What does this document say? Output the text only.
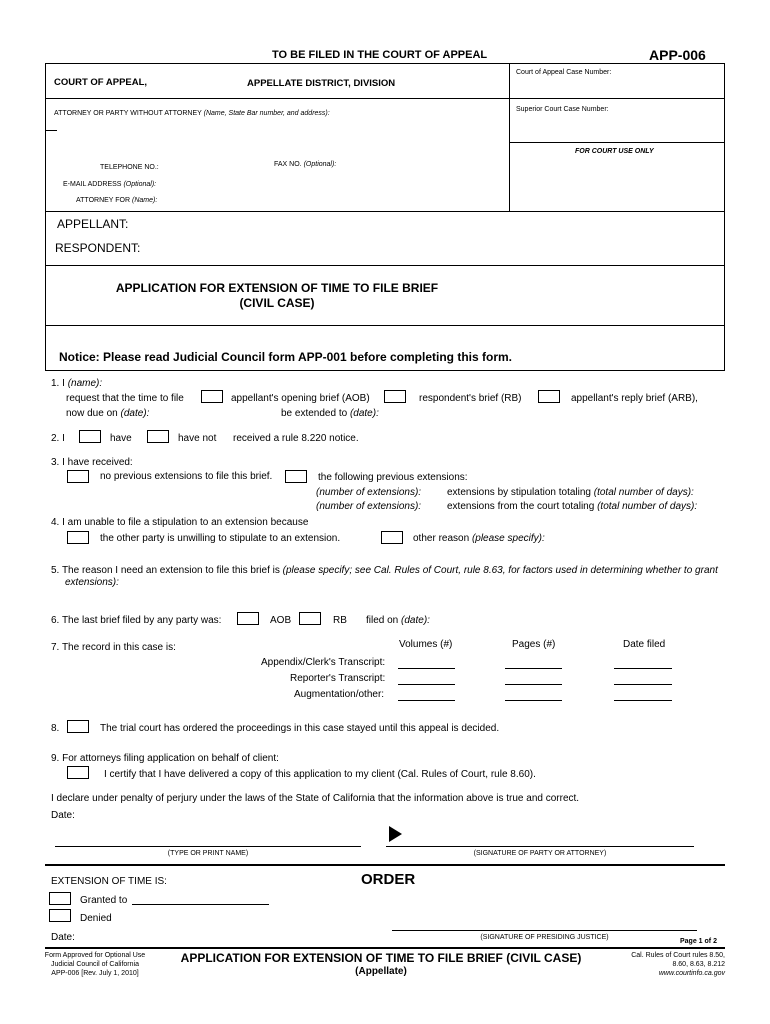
TO BE FILED IN THE COURT OF APPEAL	APP-006
COURT OF APPEAL,	APPELLATE DISTRICT, DIVISION
Court of Appeal Case Number:
Superior Court Case Number:
ATTORNEY OR PARTY WITHOUT ATTORNEY (Name, State Bar number, and address):
TELEPHONE NO.:	FAX NO. (Optional):
E-MAIL ADDRESS (Optional):
ATTORNEY FOR (Name):
FOR COURT USE ONLY
APPELLANT:
RESPONDENT:
APPLICATION FOR EXTENSION OF TIME TO FILE BRIEF
(CIVIL CASE)
Notice: Please read Judicial Council form APP-001 before completing this form.
1. I (name):
request that the time to file	appellant's opening brief (AOB)	respondent's brief (RB)	appellant's reply brief (ARB),
now due on (date):	be extended to (date):
2. I	have	have not received a rule 8.220 notice.
3. I have received:
no previous extensions to file this brief.	the following previous extensions:
(number of extensions):	extensions by stipulation totaling (total number of days):
(number of extensions):	extensions from the court totaling (total number of days):
4. I am unable to file a stipulation to an extension because
the other party is unwilling to stipulate to an extension.	other reason (please specify):
5. The reason I need an extension to file this brief is (please specify; see Cal. Rules of Court, rule 8.63, for factors used in determining whether to grant
extensions):
6. The last brief filed by any party was:	AOB	RB filed on (date):
7. The record in this case is:	Volumes (#)	Pages (#)	Date filed
Appendix/Clerk's Transcript:
Reporter's Transcript:
Augmentation/other:
8.	The trial court has ordered the proceedings in this case stayed until this appeal is decided.
9. For attorneys filing application on behalf of client:
I certify that I have delivered a copy of this application to my client (Cal. Rules of Court, rule 8.60).
I declare under penalty of perjury under the laws of the State of California that the information above is true and correct.
Date:
(TYPE OR PRINT NAME)	(SIGNATURE OF PARTY OR ATTORNEY)
EXTENSION OF TIME IS:	ORDER
Granted to
Denied
Date:	(SIGNATURE OF PRESIDING JUSTICE)
Page 1 of 2
Form Approved for Optional Use
Judicial Council of California
APP-006 [Rev. July 1, 2010]
APPLICATION FOR EXTENSION OF TIME TO FILE BRIEF (CIVIL CASE)
(Appellate)
Cal. Rules of Court rules 8.50,
8.60, 8.63, 8.212
www.courtinfo.ca.gov
